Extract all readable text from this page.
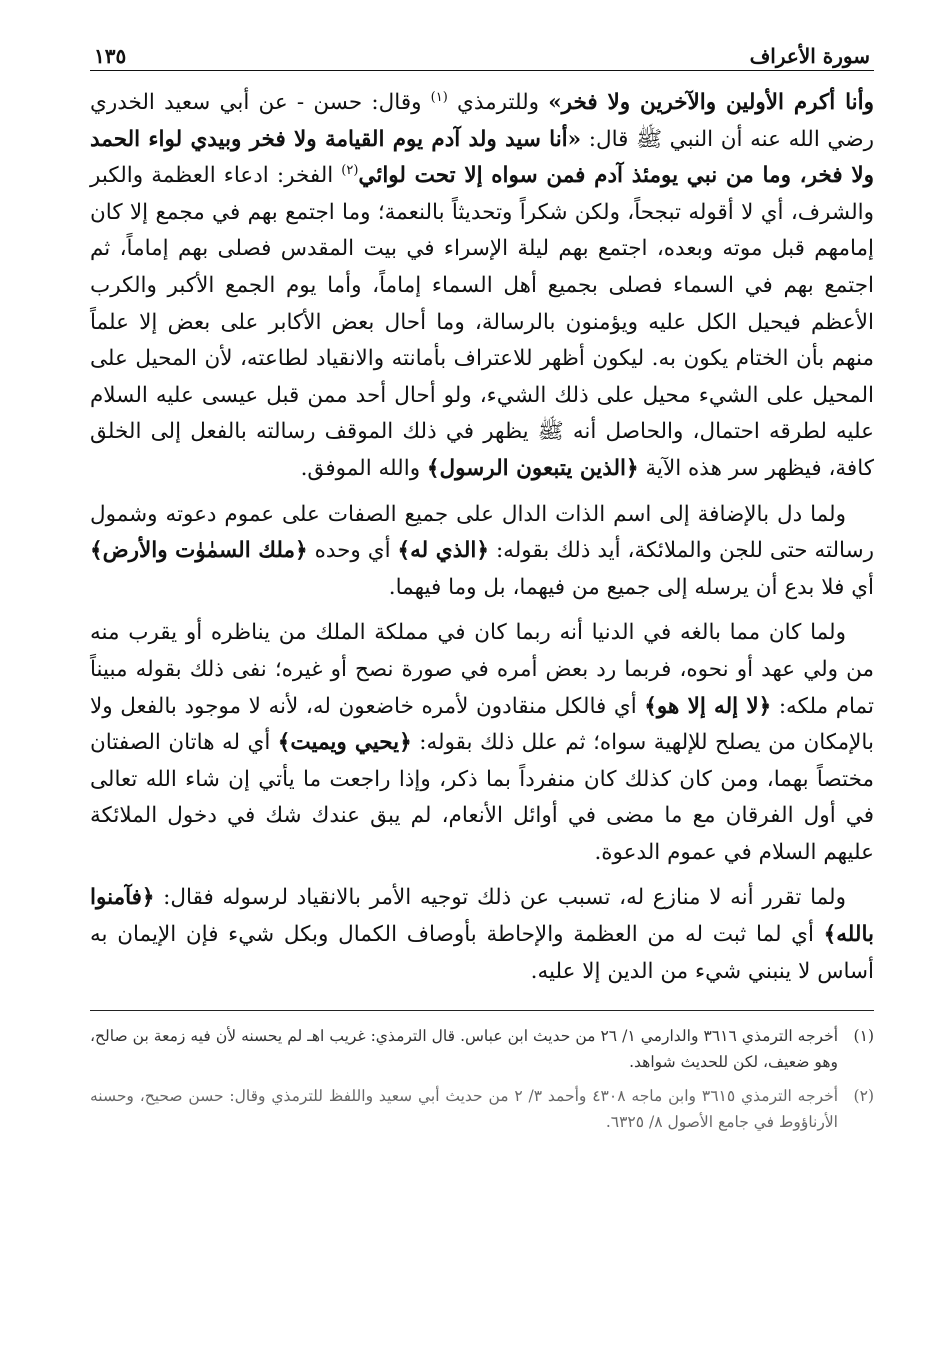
سورة الأعراف
١٣٥

وأنا أكرم الأولين والآخرين ولا فخر» وللترمذي $^{(١)}$ وقال: حسن - عن أبي سعيد الخدري رضي الله عنه أن النبي ﷺ قال: «أنا سيد ولد آدم يوم القيامة ولا فخر وبيدي لواء الحمد ولا فخر، وما من نبي يومئذ آدم فمن سواه إلا تحت لوائي$^{(٢)}$ الفخر: ادعاء العظمة والكبر والشرف، أي لا أقوله تبجحاً، ولكن شكراً وتحديثاً بالنعمة؛ وما اجتمع بهم في مجمع إلا كان إمامهم قبل موته وبعده، اجتمع بهم ليلة الإسراء في بيت المقدس فصلى بهم إماماً، ثم اجتمع بهم في السماء فصلى بجميع أهل السماء إماماً، وأما يوم الجمع الأكبر والكرب الأعظم فيحيل الكل عليه ويؤمنون بالرسالة، وما أحال بعض الأكابر على بعض إلا علماً منهم بأن الختام يكون به. ليكون أظهر للاعتراف بأمانته والانقياد لطاعته، لأن المحيل على المحيل على الشيء محيل على ذلك الشيء، ولو أحال أحد ممن قبل عيسى عليه السلام عليه لطرقه احتمال، والحاصل أنه ﷺ يظهر في ذلك الموقف رسالته بالفعل إلى الخلق كافة، فيظهر سر هذه الآية ﴿الذين يتبعون الرسول﴾ والله الموفق.

ولما دل بالإضافة إلى اسم الذات الدال على جميع الصفات على عموم دعوته وشمول رسالته حتى للجن والملائكة، أيد ذلك بقوله: ﴿الذي له﴾ أي وحده ﴿ملك السمٰوٰت والأرض﴾ أي فلا بدع أن يرسله إلى جميع من فيهما، بل وما فيهما.

ولما كان مما بالغه في الدنيا أنه ربما كان في مملكة الملك من يناظره أو يقرب منه من ولي عهد أو نحوه، فربما رد بعض أمره في صورة نصح أو غيره؛ نفى ذلك بقوله مبيناً تمام ملكه: ﴿لا إله إلا هو﴾ أي فالكل منقادون لأمره خاضعون له، لأنه لا موجود بالفعل ولا بالإمكان من يصلح للإلهية سواه؛ ثم علل ذلك بقوله: ﴿يحيي ويميت﴾ أي له هاتان الصفتان مختصاً بهما، ومن كان كذلك كان منفرداً بما ذكر، وإذا راجعت ما يأتي إن شاء الله تعالى في أول الفرقان مع ما مضى في أوائل الأنعام، لم يبق عندك شك في دخول الملائكة عليهم السلام في عموم الدعوة.

ولما تقرر أنه لا منازع له، تسبب عن ذلك توجيه الأمر بالانقياد لرسوله فقال: ﴿فآمنوا بالله﴾ أي لما ثبت له من العظمة والإحاطة بأوصاف الكمال وبكل شيء فإن الإيمان به أساس لا ينبني شيء من الدين إلا عليه.

(١)
أخرجه الترمذي ٣٦١٦ والدارمي ١/ ٢٦ من حديث ابن عباس. قال الترمذي: غريب اهـ لم يحسنه لأن فيه زمعة بن صالح، وهو ضعيف، لكن للحديث شواهد.
(٢)
أخرجه الترمذي ٣٦١٥ وابن ماجه ٤٣٠٨ وأحمد ٣/ ٢ من حديث أبي سعيد واللفظ للترمذي وقال: حسن صحيح، وحسنه الأرناؤوط في جامع الأصول ٨/ ٦٣٢٥.
